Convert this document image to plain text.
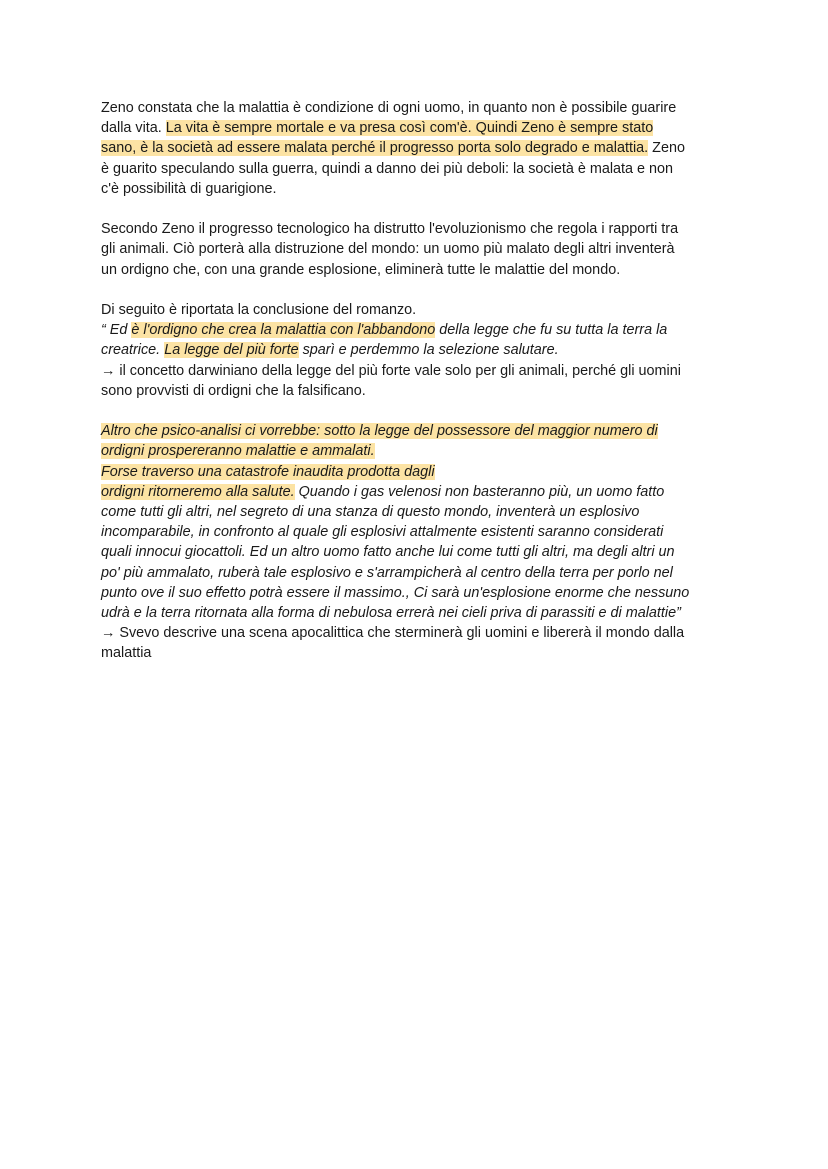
Zeno constata che la malattia è condizione di ogni uomo, in quanto non è possibile guarire
dalla vita. La vita è sempre mortale e va presa così com'è. Quindi Zeno è sempre stato
sano, è la società ad essere malata perché il progresso porta solo degrado e malattia. Zeno
è guarito speculando sulla guerra, quindi a danno dei più deboli: la società è malata e non
c'è possibilità di guarigione.
Secondo Zeno il progresso tecnologico ha distrutto l'evoluzionismo che regola i rapporti tra
gli animali. Ciò porterà alla distruzione del mondo: un uomo più malato degli altri inventerà
un ordigno che, con una grande esplosione, eliminerà tutte le malattie del mondo.
Di seguito è riportata la conclusione del romanzo.
“ Ed è l'ordigno che crea la malattia con l'abbandono della legge che fu su tutta la terra la
creatrice. La legge del più forte sparì e perdemmo la selezione salutare.
→ il concetto darwiniano della legge del più forte vale solo per gli animali, perché gli uomini
sono provvisti di ordigni che la falsificano.
Altro che psico-analisi ci vorrebbe: sotto la legge del possessore del maggior numero di
ordigni prospereranno malattie e ammalati.
Forse traverso una catastrofe inaudita prodotta dagli
ordigni ritorneremo alla salute. Quando i gas velenosi non basteranno più, un uomo fatto
come tutti gli altri, nel segreto di una stanza di questo mondo, inventerà un esplosivo
incomparabile, in confronto al quale gli esplosivi attalmente esistenti saranno considerati
quali innocui giocattoli. Ed un altro uomo fatto anche lui come tutti gli altri, ma degli altri un
po' più ammalato, ruberà tale esplosivo e s'arrampicherà al centro della terra per porlo nel
punto ove il suo effetto potrà essere il massimo., Ci sarà un'esplosione enorme che nessuno
udrà e la terra ritornata alla forma di nebulosa errerà nei cieli priva di parassiti e di malattie”
→ Svevo descrive una scena apocalittica che sterminerà gli uomini e libererà il mondo dalla
malattia
